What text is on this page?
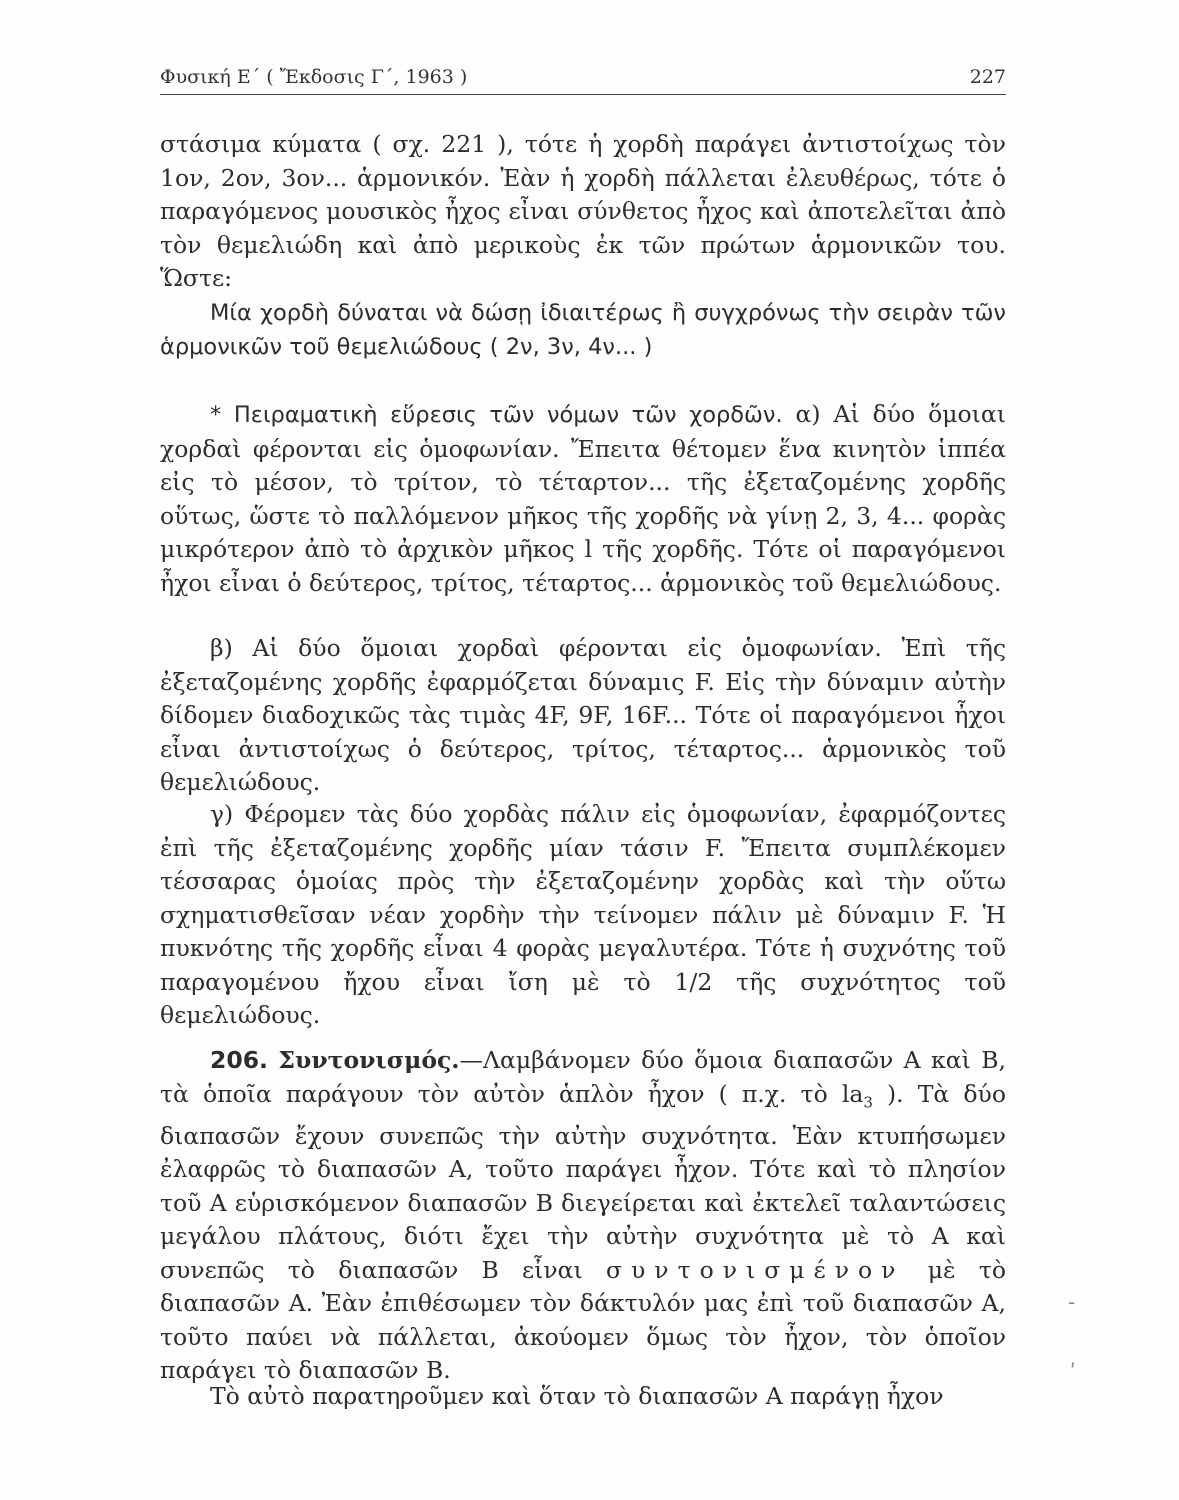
Φυσική Ε΄ ( Ἔκδοσις Γ΄, 1963 )	227
στάσιμα κύματα ( σχ. 221 ), τότε ἡ χορδὴ παράγει ἀντιστοίχως τὸν 1ον, 2ον, 3ον... ἁρμονικόν. Ἐὰν ἡ χορδὴ πάλλεται ἐλευθέρως, τότε ὁ παραγόμενος μουσικὸς ἦχος εἶναι σύνθετος ἦχος καὶ ἀποτελεῖται ἀπὸ τὸν θεμελιώδη καὶ ἀπὸ μερικοὺς ἐκ τῶν πρώτων ἁρμονικῶν του. Ὥστε:
Μία χορδὴ δύναται νὰ δώσῃ ἰδιαιτέρως ἢ συγχρόνως τὴν σειρὰν τῶν ἁρμονικῶν τοῦ θεμελιώδους ( 2ν, 3ν, 4ν... )
* Πειραματικὴ εὕρεσις τῶν νόμων τῶν χορδῶν. α) Αἱ δύο ὅμοιαι χορδαὶ φέρονται εἰς ὁμοφωνίαν. Ἔπειτα θέτομεν ἕνα κινητὸν ἱππέα εἰς τὸ μέσον, τὸ τρίτον, τὸ τέταρτον... τῆς ἐξεταζομένης χορδῆς οὕτως, ὥστε τὸ παλλόμενον μῆκος τῆς χορδῆς νὰ γίνῃ 2, 3, 4... φορὰς μικρότερον ἀπὸ τὸ ἀρχικὸν μῆκος l τῆς χορδῆς. Τότε οἱ παραγόμενοι ἦχοι εἶναι ὁ δεύτερος, τρίτος, τέταρτος... ἁρμονικὸς τοῦ θεμελιώδους.
β) Αἱ δύο ὅμοιαι χορδαὶ φέρονται εἰς ὁμοφωνίαν. Ἐπὶ τῆς ἐξεταζομένης χορδῆς ἐφαρμόζεται δύναμις F. Εἰς τὴν δύναμιν αὐτὴν δίδομεν διαδοχικῶς τὰς τιμὰς 4F, 9F, 16F... Τότε οἱ παραγόμενοι ἦχοι εἶναι ἀντιστοίχως ὁ δεύτερος, τρίτος, τέταρτος... ἁρμονικὸς τοῦ θεμελιώδους.
γ) Φέρομεν τὰς δύο χορδὰς πάλιν εἰς ὁμοφωνίαν, ἐφαρμόζοντες ἐπὶ τῆς ἐξεταζομένης χορδῆς μίαν τάσιν F. Ἔπειτα συμπλέκομεν τέσσαρας ὁμοίας πρὸς τὴν ἐξεταζομένην χορδὰς καὶ τὴν οὕτω σχηματισθεῖσαν νέαν χορδὴν τὴν τείνομεν πάλιν μὲ δύναμιν F. Ἡ πυκνότης τῆς χορδῆς εἶναι 4 φορὰς μεγαλυτέρα. Τότε ἡ συχνότης τοῦ παραγομένου ἤχου εἶναι ἴση μὲ τὸ 1/2 τῆς συχνότητος τοῦ θεμελιώδους.
206. Συντονισμός.—Λαμβάνομεν δύο ὅμοια διαπασῶν Α καὶ Β, τὰ ὁποῖα παράγουν τὸν αὐτὸν ἁπλὸν ἦχον ( π.χ. τὸ $la_3$ ). Τὰ δύο διαπασῶν ἔχουν συνεπῶς τὴν αὐτὴν συχνότητα. Ἐὰν κτυπήσωμεν ἐλαφρῶς τὸ διαπασῶν Α, τοῦτο παράγει ἦχον. Τότε καὶ τὸ πλησίον τοῦ Α εὑρισκόμενον διαπασῶν Β διεγείρεται καὶ ἐκτελεῖ ταλαντώσεις μεγάλου πλάτους, διότι ἔχει τὴν αὐτὴν συχνότητα μὲ τὸ Α καὶ συνεπῶς τὸ διαπασῶν Β εἶναι συντονισμένον μὲ τὸ διαπασῶν Α. Ἐὰν ἐπιθέσωμεν τὸν δάκτυλόν μας ἐπὶ τοῦ διαπασῶν Α, τοῦτο παύει νὰ πάλλεται, ἀκούομεν ὅμως τὸν ἦχον, τὸν ὁποῖον παράγει τὸ διαπασῶν Β.
Τὸ αὐτὸ παρατηροῦμεν καὶ ὅταν τὸ διαπασῶν Α παράγῃ ἦχον
‑
ʹ
